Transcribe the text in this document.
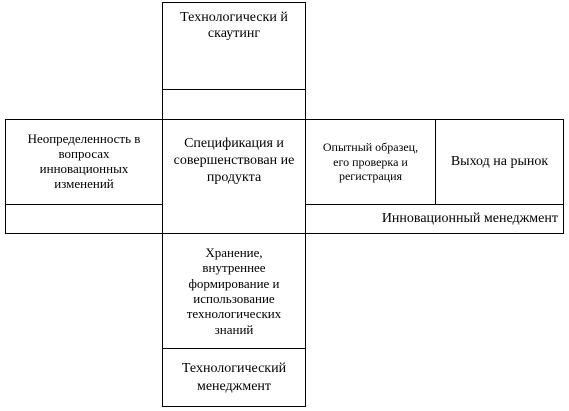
Технологически й скаутинг
Неопределенность в вопросах инновационных изменений
Спецификация и совершенствован ие продукта
Опытный образец, его проверка и регистрация
Выход на рынок
Инновационный менеджмент
Хранение, внутреннее формирование и использование технологических знаний
Технологический менеджмент
